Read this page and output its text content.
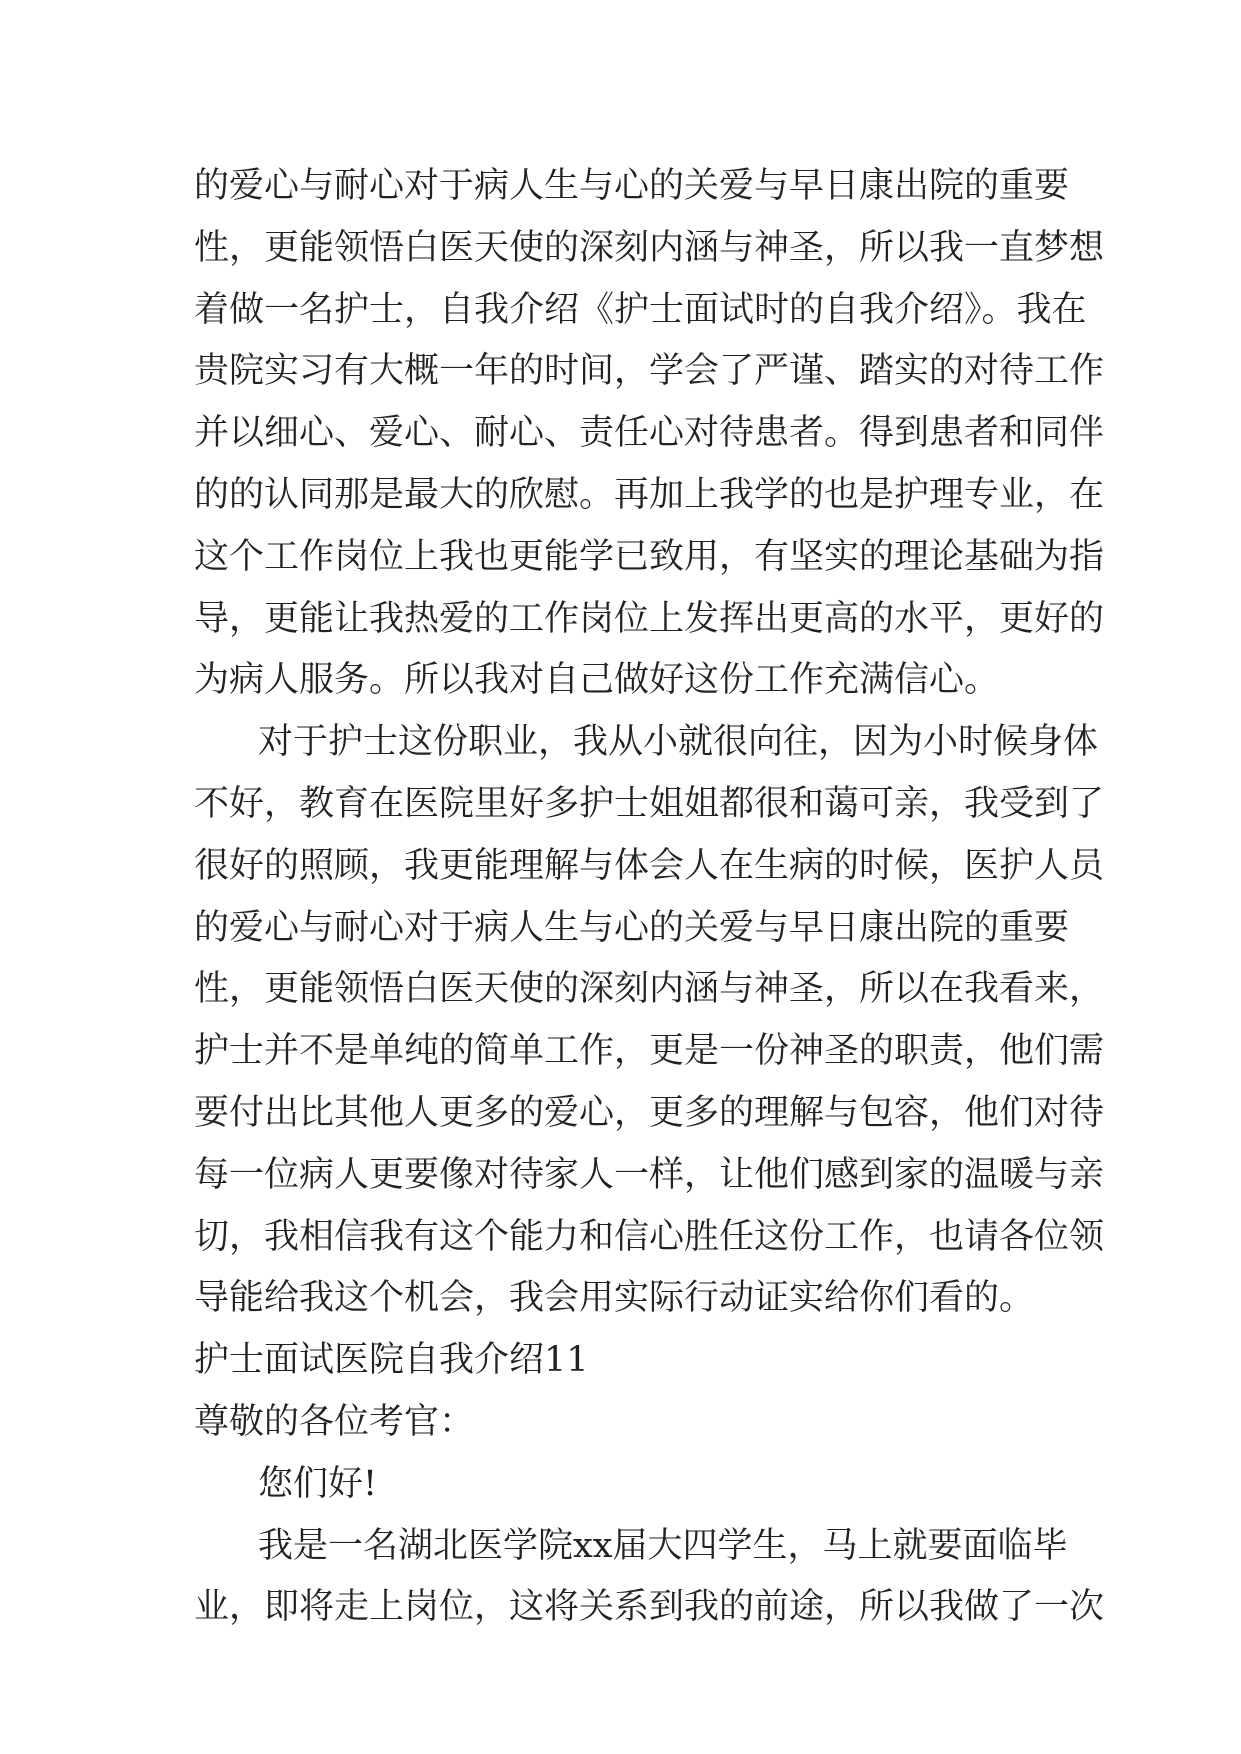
的爱心与耐心对于病人生与心的关爱与早日康出院的重要
性，更能领悟白医天使的深刻内涵与神圣，所以我一直梦想
着做一名护士，自我介绍《护士面试时的自我介绍》。我在
贵院实习有大概一年的时间，学会了严谨、踏实的对待工作
并以细心、爱心、耐心、责任心对待患者。得到患者和同伴
的的认同那是最大的欣慰。再加上我学的也是护理专业，在
这个工作岗位上我也更能学已致用，有坚实的理论基础为指
导，更能让我热爱的工作岗位上发挥出更高的水平，更好的
为病人服务。所以我对自己做好这份工作充满信心。
对于护士这份职业，我从小就很向往，因为小时候身体
不好，教育在医院里好多护士姐姐都很和蔼可亲，我受到了
很好的照顾，我更能理解与体会人在生病的时候，医护人员
的爱心与耐心对于病人生与心的关爱与早日康出院的重要
性，更能领悟白医天使的深刻内涵与神圣，所以在我看来，
护士并不是单纯的简单工作，更是一份神圣的职责，他们需
要付出比其他人更多的爱心，更多的理解与包容，他们对待
每一位病人更要像对待家人一样，让他们感到家的温暖与亲
切，我相信我有这个能力和信心胜任这份工作，也请各位领
导能给我这个机会，我会用实际行动证实给你们看的。
护士面试医院自我介绍11
尊敬的各位考官：
您们好!
我是一名湖北医学院xx届大四学生，马上就要面临毕
业，即将走上岗位，这将关系到我的前途，所以我做了一次
